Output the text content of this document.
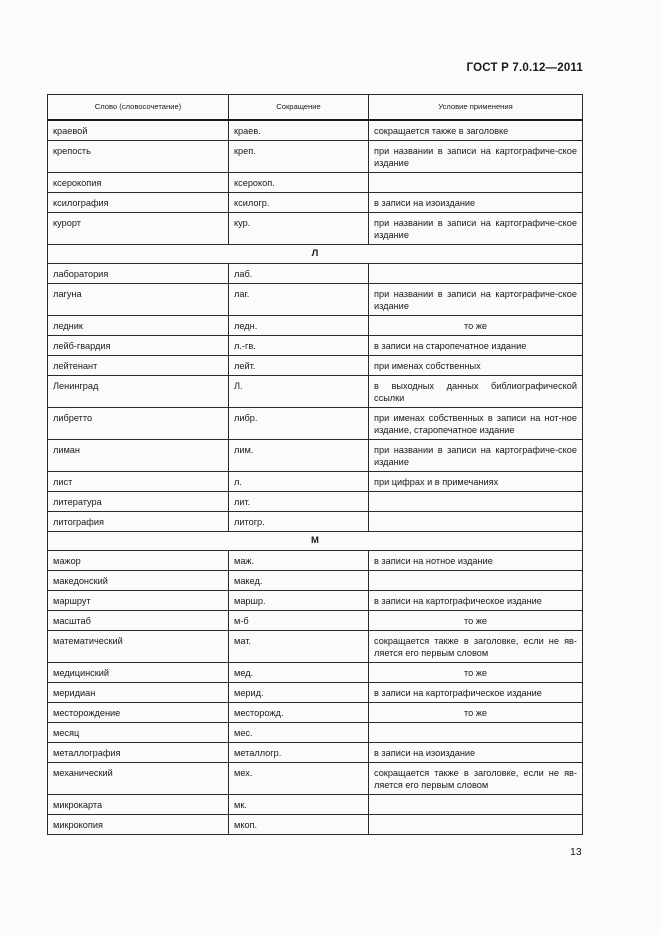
ГОСТ Р 7.0.12—2011
Слово (словосочетание)	Сокращение	Условие применения
краевой	краев.	сокращается также в заголовке
крепость	креп.	при названии в записи на картографиче-ское издание
ксерокопия	ксерокоп.	
ксилография	ксилогр.	в записи на изоиздание
курорт	кур.	при названии в записи на картографиче-ское издание
Л		
лаборатория	лаб.	
лагуна	лаг.	при названии в записи на картографиче-ское издание
ледник	ледн.	то же
лейб-гвардия	л.-гв.	в записи на старопечатное издание
лейтенант	лейт.	при именах собственных
Ленинград	Л.	в выходных данных библиографической ссылки
либретто	либр.	при именах собственных в записи на нот-ное издание, старопечатное издание
лиман	лим.	при названии в записи на картографиче-ское издание
лист	л.	при цифрах и в примечаниях
литература	лит.	
литография	литогр.	
М		
мажор	маж.	в записи на нотное издание
македонский	макед.	
маршрут	маршр.	в записи на картографическое издание
масштаб	м-б	то же
математический	мат.	сокращается также в заголовке, если не яв-ляется его первым словом
медицинский	мед.	то же
меридиан	мерид.	в записи на картографическое издание
месторождение	месторожд.	то же
месяц	мес.	
металлография	металлогр.	в записи на изоиздание
механический	мех.	сокращается также в заголовке, если не яв-ляется его первым словом
микрокарта	мк.	
микрокопия	мкоп.	
13
